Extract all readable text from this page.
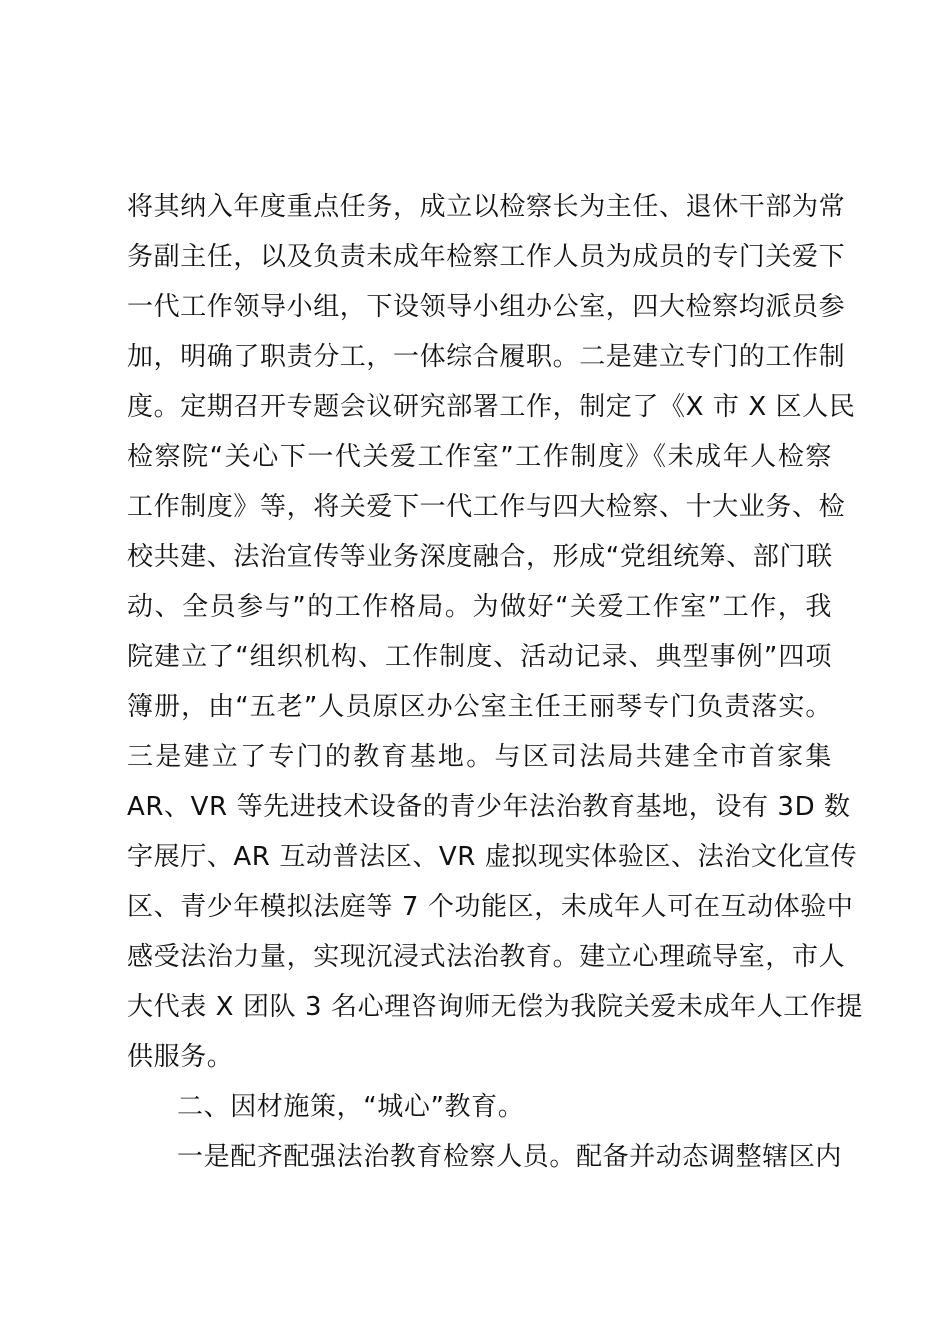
将其纳入年度重点任务，成立以检察长为主任、退休干部为常
务副主任，以及负责未成年检察工作人员为成员的专门关爱下
一代工作领导小组，下设领导小组办公室，四大检察均派员参
加，明确了职责分工，一体综合履职。二是建立专门的工作制
度。定期召开专题会议研究部署工作，制定了《X 市 X 区人民
检察院“关心下一代关爱工作室”工作制度》《未成年人检察
工作制度》等，将关爱下一代工作与四大检察、十大业务、检
校共建、法治宣传等业务深度融合，形成“党组统筹、部门联
动、全员参与”的工作格局。为做好“关爱工作室”工作，我
院建立了“组织机构、工作制度、活动记录、典型事例”四项
簿册，由“五老”人员原区办公室主任王丽琴专门负责落实。
三是建立了专门的教育基地。与区司法局共建全市首家集
AR、VR 等先进技术设备的青少年法治教育基地，设有 3D 数
字展厅、AR 互动普法区、VR 虚拟现实体验区、法治文化宣传
区、青少年模拟法庭等 7 个功能区，未成年人可在互动体验中
感受法治力量，实现沉浸式法治教育。建立心理疏导室，市人
大代表 X 团队 3 名心理咨询师无偿为我院关爱未成年人工作提
供服务。
二、因材施策，“城心”教育。
一是配齐配强法治教育检察人员。配备并动态调整辖区内
